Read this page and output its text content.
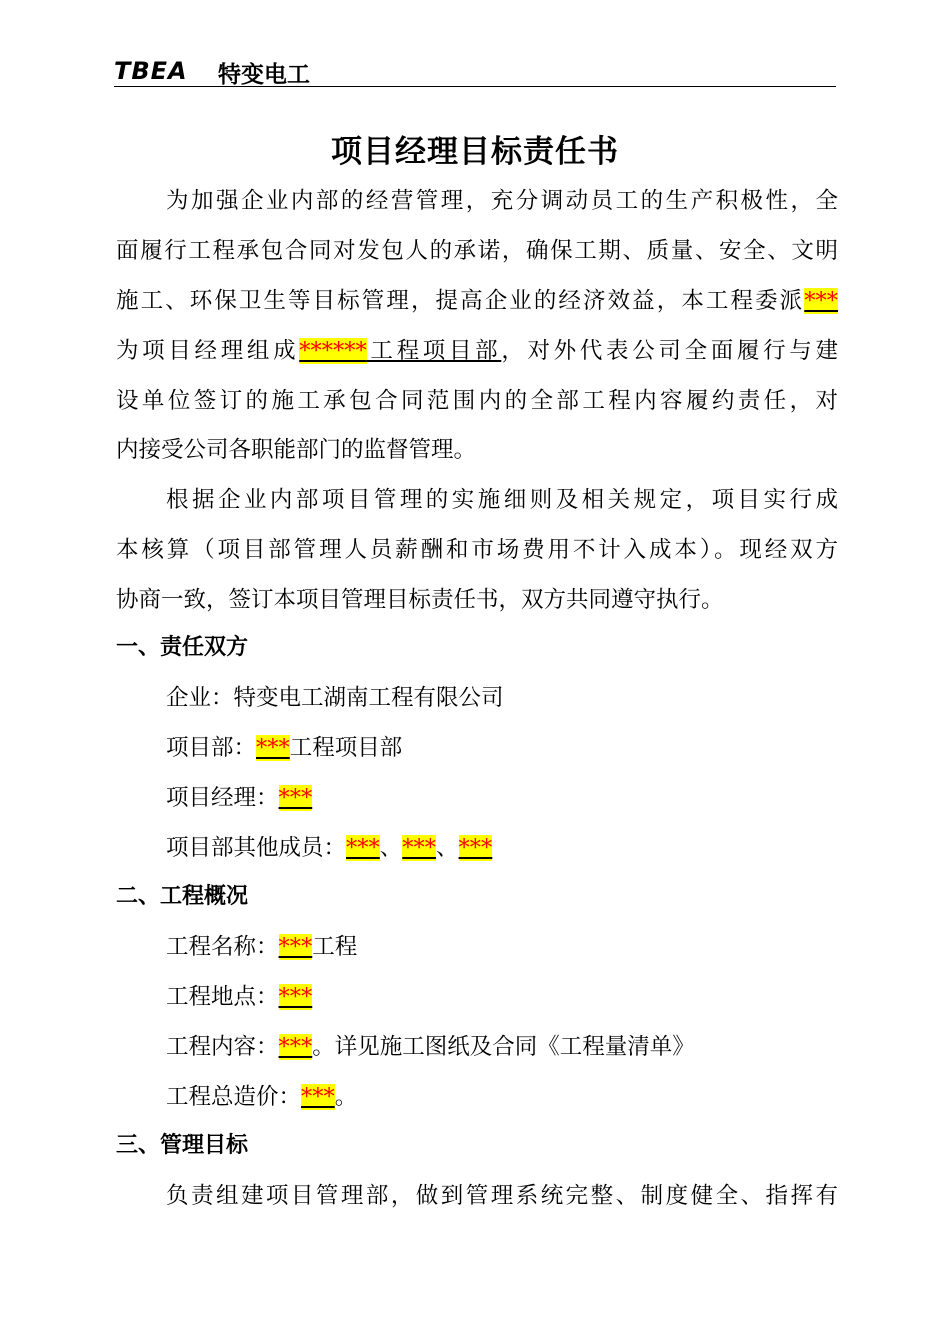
TBEA 特变电工
项目经理目标责任书
为加强企业内部的经营管理，充分调动员工的生产积极性，全
面履行工程承包合同对发包人的承诺，确保工期、质量、安全、文明
施工、环保卫生等目标管理，提高企业的经济效益，本工程委派***
为项目经理组成******工程项目部，对外代表公司全面履行与建
设单位签订的施工承包合同范围内的全部工程内容履约责任，对
内接受公司各职能部门的监督管理。
根据企业内部项目管理的实施细则及相关规定，项目实行成
本核算（项目部管理人员薪酬和市场费用不计入成本）。现经双方
协商一致，签订本项目管理目标责任书，双方共同遵守执行。
一、责任双方
企业：特变电工湖南工程有限公司
项目部：***工程项目部
项目经理：***
项目部其他成员：***、***、***
二、工程概况
工程名称：***工程
工程地点：***
工程内容：***。详见施工图纸及合同《工程量清单》
工程总造价：***。
三、管理目标
负责组建项目管理部，做到管理系统完整、制度健全、指挥有
